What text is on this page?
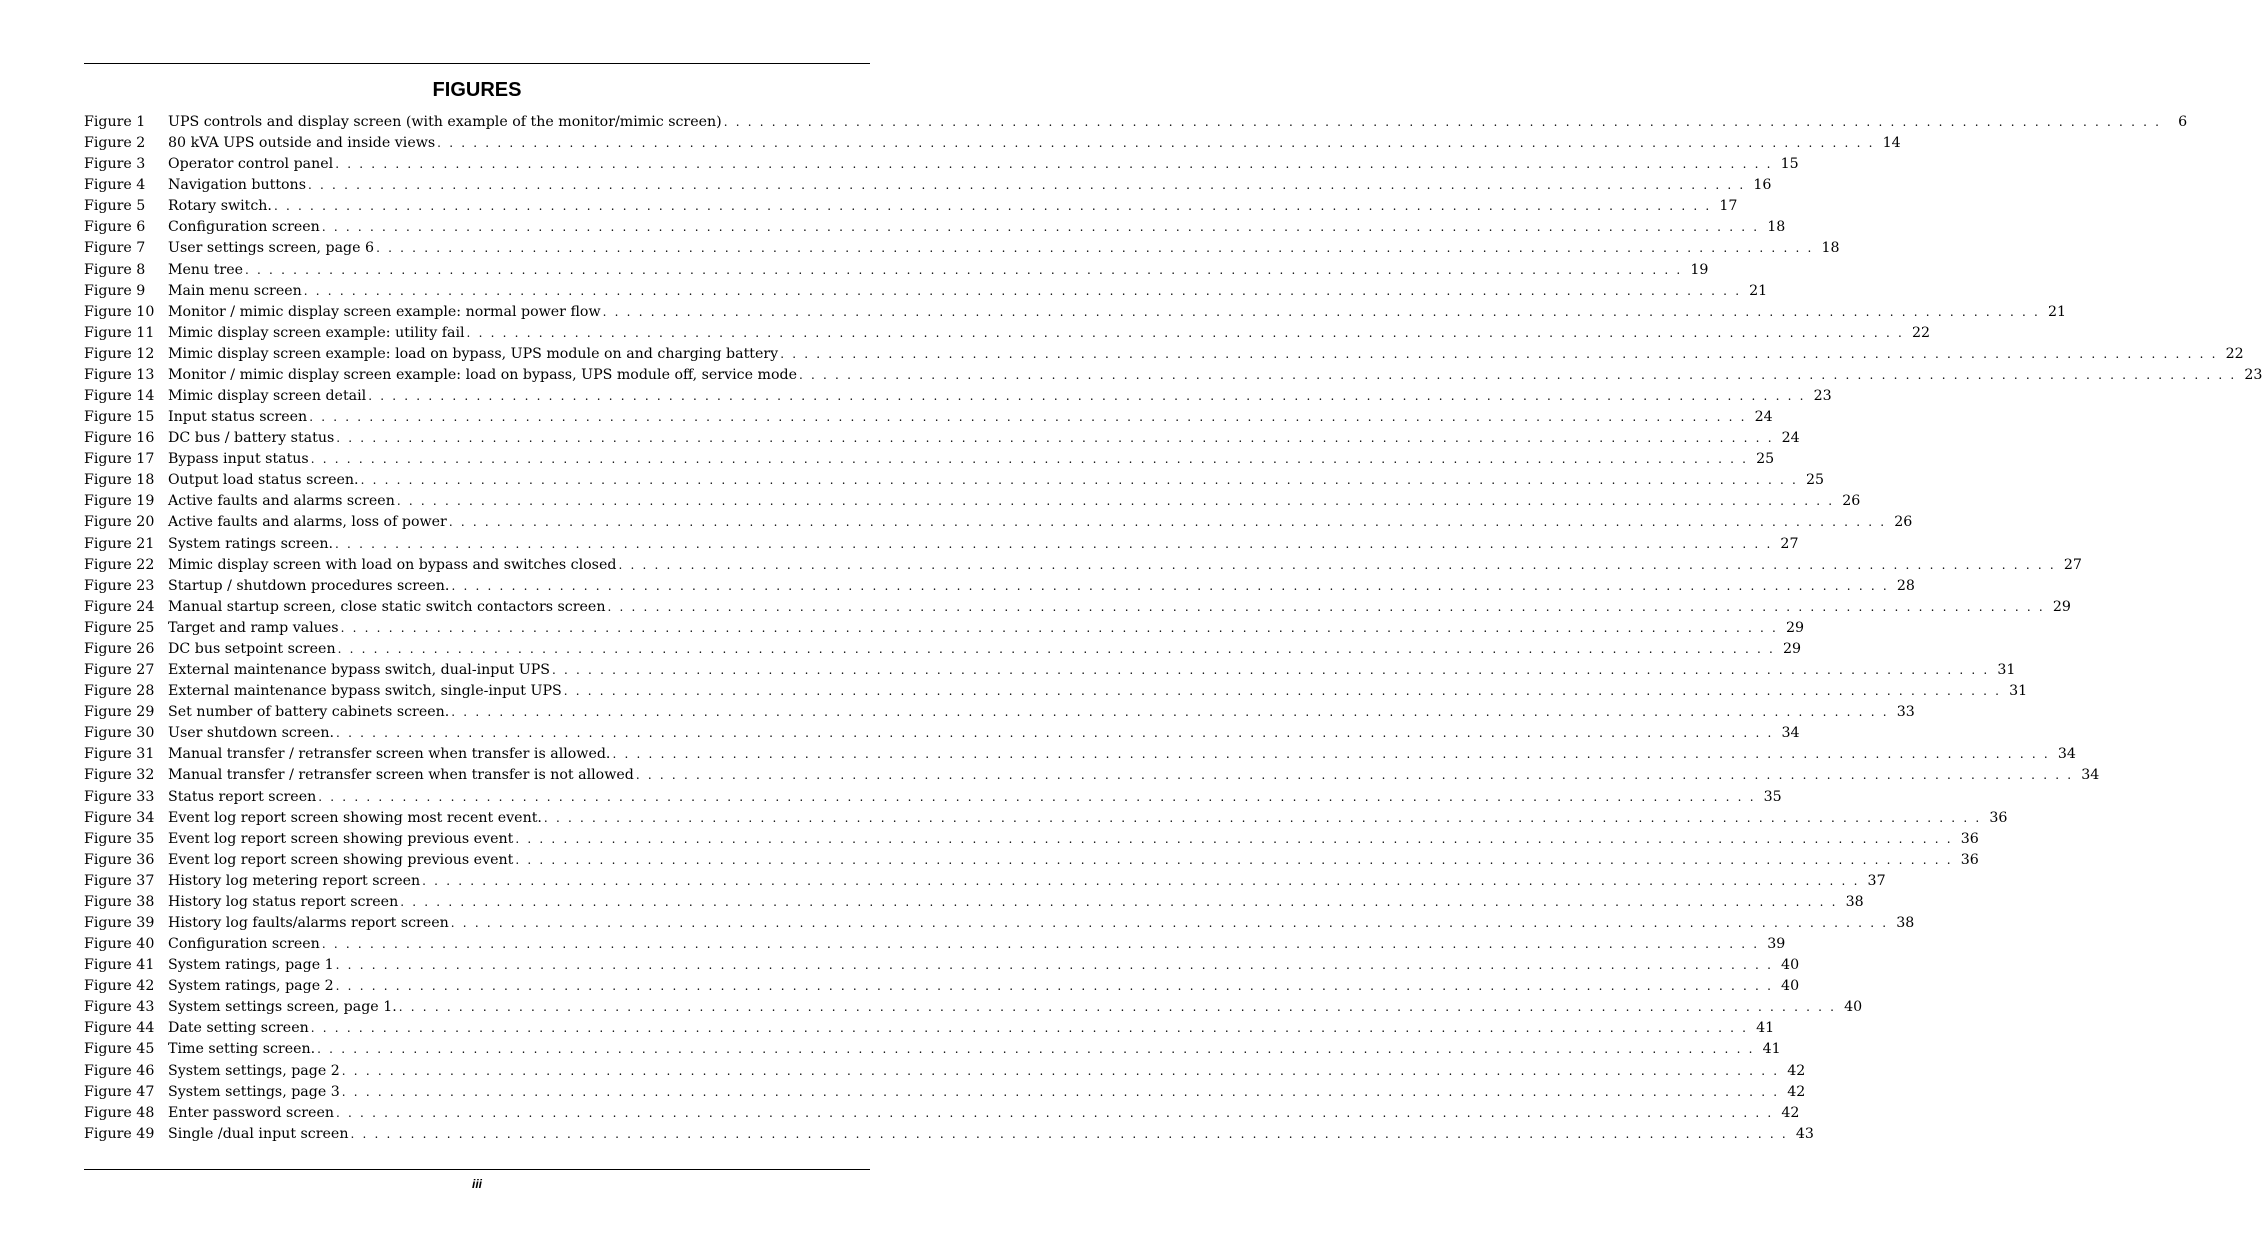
FIGURES
Figure 1	UPS controls and display screen (with example of the monitor/mimic screen) . . . . . . . . . . . . . . . . . . . . . . . . . . . . . . . . . . . . . . . . . . . . . . . . . . . . . . . . . . . . . . . . . . . . . . . . . . . . . . . . . . . . . . . . . . . . . . . . . . . . . . . . . . . . . . . . . . . . . . . .	6
Figure 2	80 kVA UPS outside and inside views . . . . . . . . . . . . . . . . . . . . . . . . . . . . . . . . . . . . . . . . . . . . . . . . . . . . . . . . . . . . . . . . . . . . . . . . . . . . . . . . . . . . . . . . . . . . . . . . . . . . . . . . . . . . . . . . . . . . . . . . 14
Figure 3	Operator control panel . . . . . . . . . . . . . . . . . . . . . . . . . . . . . . . . . . . . . . . . . . . . . . . . . . . . . . . . . . . . . . . . . . . . . . . . . . . . . . . . . . . . . . . . . . . . . . . . . . . . . . . . . . . . . . . . . . . . . . . . 15
Figure 4	Navigation buttons . . . . . . . . . . . . . . . . . . . . . . . . . . . . . . . . . . . . . . . . . . . . . . . . . . . . . . . . . . . . . . . . . . . . . . . . . . . . . . . . . . . . . . . . . . . . . . . . . . . . . . . . . . . . . . . . . . . . . . . . 16
Figure 5	Rotary switch. . . . . . . . . . . . . . . . . . . . . . . . . . . . . . . . . . . . . . . . . . . . . . . . . . . . . . . . . . . . . . . . . . . . . . . . . . . . . . . . . . . . . . . . . . . . . . . . . . . . . . . . . . . . . . . . . . . . . . . . . 17
Figure 6	Configuration screen . . . . . . . . . . . . . . . . . . . . . . . . . . . . . . . . . . . . . . . . . . . . . . . . . . . . . . . . . . . . . . . . . . . . . . . . . . . . . . . . . . . . . . . . . . . . . . . . . . . . . . . . . . . . . . . . . . . . . . . . 18
Figure 7	User settings screen, page 6 . . . . . . . . . . . . . . . . . . . . . . . . . . . . . . . . . . . . . . . . . . . . . . . . . . . . . . . . . . . . . . . . . . . . . . . . . . . . . . . . . . . . . . . . . . . . . . . . . . . . . . . . . . . . . . . . . . . . . . . . 18
Figure 8	Menu tree . . . . . . . . . . . . . . . . . . . . . . . . . . . . . . . . . . . . . . . . . . . . . . . . . . . . . . . . . . . . . . . . . . . . . . . . . . . . . . . . . . . . . . . . . . . . . . . . . . . . . . . . . . . . . . . . . . . . . . . . 19
Figure 9	Main menu screen . . . . . . . . . . . . . . . . . . . . . . . . . . . . . . . . . . . . . . . . . . . . . . . . . . . . . . . . . . . . . . . . . . . . . . . . . . . . . . . . . . . . . . . . . . . . . . . . . . . . . . . . . . . . . . . . . . . . . . . . 21
Figure 10 Monitor / mimic display screen example: normal power flow . . . . . . . . . . . . . . . . . . . . . . . . . . . . . . . . . . . . . . . . . . . . . . . . . . . . . . . . . . . . . . . . . . . . . . . . . . . . . . . . . . . . . . . . . . . . . . . . . . . . . . . . . . . . . . . . . . . . . . . . 21
Figure 11 Mimic display screen example: utility fail . . . . . . . . . . . . . . . . . . . . . . . . . . . . . . . . . . . . . . . . . . . . . . . . . . . . . . . . . . . . . . . . . . . . . . . . . . . . . . . . . . . . . . . . . . . . . . . . . . . . . . . . . . . . . . . . . . . . . . . . 22
Figure 12 Mimic display screen example: load on bypass, UPS module on and charging battery . . . . . . . . . . . . . . . . . . . . . . . . . . . . . . . . . . . . . . . . . . . . . . . . . . . . . . . . . . . . . . . . . . . . . . . . . . . . . . . . . . . . . . . . . . . . . . . . . . . . . . . . . . . . . . . . . . . . . . . . 22
Figure 13 Monitor / mimic display screen example: load on bypass, UPS module off, service mode . . . . . . . . . . . . . . . . . . . . . . . . . . . . . . . . . . . . . . . . . . . . . . . . . . . . . . . . . . . . . . . . . . . . . . . . . . . . . . . . . . . . . . . . . . . . . . . . . . . . . . . . . . . . . . . . . . . . . . . . 23
Figure 14 Mimic display screen detail . . . . . . . . . . . . . . . . . . . . . . . . . . . . . . . . . . . . . . . . . . . . . . . . . . . . . . . . . . . . . . . . . . . . . . . . . . . . . . . . . . . . . . . . . . . . . . . . . . . . . . . . . . . . . . . . . . . . . . . . 23
Figure 15 Input status screen . . . . . . . . . . . . . . . . . . . . . . . . . . . . . . . . . . . . . . . . . . . . . . . . . . . . . . . . . . . . . . . . . . . . . . . . . . . . . . . . . . . . . . . . . . . . . . . . . . . . . . . . . . . . . . . . . . . . . . . . 24
Figure 16 DC bus / battery status . . . . . . . . . . . . . . . . . . . . . . . . . . . . . . . . . . . . . . . . . . . . . . . . . . . . . . . . . . . . . . . . . . . . . . . . . . . . . . . . . . . . . . . . . . . . . . . . . . . . . . . . . . . . . . . . . . . . . . . . 24
Figure 17 Bypass input status . . . . . . . . . . . . . . . . . . . . . . . . . . . . . . . . . . . . . . . . . . . . . . . . . . . . . . . . . . . . . . . . . . . . . . . . . . . . . . . . . . . . . . . . . . . . . . . . . . . . . . . . . . . . . . . . . . . . . . . . 25
Figure 18 Output load status screen. . . . . . . . . . . . . . . . . . . . . . . . . . . . . . . . . . . . . . . . . . . . . . . . . . . . . . . . . . . . . . . . . . . . . . . . . . . . . . . . . . . . . . . . . . . . . . . . . . . . . . . . . . . . . . . . . . . . . . . . . 25
Figure 19 Active faults and alarms screen . . . . . . . . . . . . . . . . . . . . . . . . . . . . . . . . . . . . . . . . . . . . . . . . . . . . . . . . . . . . . . . . . . . . . . . . . . . . . . . . . . . . . . . . . . . . . . . . . . . . . . . . . . . . . . . . . . . . . . . . 26
Figure 20 Active faults and alarms, loss of power . . . . . . . . . . . . . . . . . . . . . . . . . . . . . . . . . . . . . . . . . . . . . . . . . . . . . . . . . . . . . . . . . . . . . . . . . . . . . . . . . . . . . . . . . . . . . . . . . . . . . . . . . . . . . . . . . . . . . . . . 26
Figure 21 System ratings screen. . . . . . . . . . . . . . . . . . . . . . . . . . . . . . . . . . . . . . . . . . . . . . . . . . . . . . . . . . . . . . . . . . . . . . . . . . . . . . . . . . . . . . . . . . . . . . . . . . . . . . . . . . . . . . . . . . . . . . . . . 27
Figure 22 Mimic display screen with load on bypass and switches closed . . . . . . . . . . . . . . . . . . . . . . . . . . . . . . . . . . . . . . . . . . . . . . . . . . . . . . . . . . . . . . . . . . . . . . . . . . . . . . . . . . . . . . . . . . . . . . . . . . . . . . . . . . . . . . . . . . . . . . . . 27
Figure 23 Startup / shutdown procedures screen. . . . . . . . . . . . . . . . . . . . . . . . . . . . . . . . . . . . . . . . . . . . . . . . . . . . . . . . . . . . . . . . . . . . . . . . . . . . . . . . . . . . . . . . . . . . . . . . . . . . . . . . . . . . . . . . . . . . . . . . . 28
Figure 24 Manual startup screen, close static switch contactors screen . . . . . . . . . . . . . . . . . . . . . . . . . . . . . . . . . . . . . . . . . . . . . . . . . . . . . . . . . . . . . . . . . . . . . . . . . . . . . . . . . . . . . . . . . . . . . . . . . . . . . . . . . . . . . . . . . . . . . . . . 29
Figure 25 Target and ramp values . . . . . . . . . . . . . . . . . . . . . . . . . . . . . . . . . . . . . . . . . . . . . . . . . . . . . . . . . . . . . . . . . . . . . . . . . . . . . . . . . . . . . . . . . . . . . . . . . . . . . . . . . . . . . . . . . . . . . . . . 29
Figure 26 DC bus setpoint screen . . . . . . . . . . . . . . . . . . . . . . . . . . . . . . . . . . . . . . . . . . . . . . . . . . . . . . . . . . . . . . . . . . . . . . . . . . . . . . . . . . . . . . . . . . . . . . . . . . . . . . . . . . . . . . . . . . . . . . . . 29
Figure 27 External maintenance bypass switch, dual-input UPS . . . . . . . . . . . . . . . . . . . . . . . . . . . . . . . . . . . . . . . . . . . . . . . . . . . . . . . . . . . . . . . . . . . . . . . . . . . . . . . . . . . . . . . . . . . . . . . . . . . . . . . . . . . . . . . . . . . . . . . . 31
Figure 28 External maintenance bypass switch, single-input UPS . . . . . . . . . . . . . . . . . . . . . . . . . . . . . . . . . . . . . . . . . . . . . . . . . . . . . . . . . . . . . . . . . . . . . . . . . . . . . . . . . . . . . . . . . . . . . . . . . . . . . . . . . . . . . . . . . . . . . . . . 31
Figure 29 Set number of battery cabinets screen. . . . . . . . . . . . . . . . . . . . . . . . . . . . . . . . . . . . . . . . . . . . . . . . . . . . . . . . . . . . . . . . . . . . . . . . . . . . . . . . . . . . . . . . . . . . . . . . . . . . . . . . . . . . . . . . . . . . . . . . . 33
Figure 30 User shutdown screen. . . . . . . . . . . . . . . . . . . . . . . . . . . . . . . . . . . . . . . . . . . . . . . . . . . . . . . . . . . . . . . . . . . . . . . . . . . . . . . . . . . . . . . . . . . . . . . . . . . . . . . . . . . . . . . . . . . . . . . . . 34
Figure 31 Manual transfer / retransfer screen when transfer is allowed. . . . . . . . . . . . . . . . . . . . . . . . . . . . . . . . . . . . . . . . . . . . . . . . . . . . . . . . . . . . . . . . . . . . . . . . . . . . . . . . . . . . . . . . . . . . . . . . . . . . . . . . . . . . . . . . . . . . . . . . . 34
Figure 32 Manual transfer / retransfer screen when transfer is not allowed . . . . . . . . . . . . . . . . . . . . . . . . . . . . . . . . . . . . . . . . . . . . . . . . . . . . . . . . . . . . . . . . . . . . . . . . . . . . . . . . . . . . . . . . . . . . . . . . . . . . . . . . . . . . . . . . . . . . . . . . 34
Figure 33 Status report screen . . . . . . . . . . . . . . . . . . . . . . . . . . . . . . . . . . . . . . . . . . . . . . . . . . . . . . . . . . . . . . . . . . . . . . . . . . . . . . . . . . . . . . . . . . . . . . . . . . . . . . . . . . . . . . . . . . . . . . . . 35
Figure 34 Event log report screen showing most recent event. . . . . . . . . . . . . . . . . . . . . . . . . . . . . . . . . . . . . . . . . . . . . . . . . . . . . . . . . . . . . . . . . . . . . . . . . . . . . . . . . . . . . . . . . . . . . . . . . . . . . . . . . . . . . . . . . . . . . . . . . 36
Figure 35 Event log report screen showing previous event . . . . . . . . . . . . . . . . . . . . . . . . . . . . . . . . . . . . . . . . . . . . . . . . . . . . . . . . . . . . . . . . . . . . . . . . . . . . . . . . . . . . . . . . . . . . . . . . . . . . . . . . . . . . . . . . . . . . . . . . 36
Figure 36 Event log report screen showing previous event . . . . . . . . . . . . . . . . . . . . . . . . . . . . . . . . . . . . . . . . . . . . . . . . . . . . . . . . . . . . . . . . . . . . . . . . . . . . . . . . . . . . . . . . . . . . . . . . . . . . . . . . . . . . . . . . . . . . . . . . 36
Figure 37 History log metering report screen . . . . . . . . . . . . . . . . . . . . . . . . . . . . . . . . . . . . . . . . . . . . . . . . . . . . . . . . . . . . . . . . . . . . . . . . . . . . . . . . . . . . . . . . . . . . . . . . . . . . . . . . . . . . . . . . . . . . . . . . 37
Figure 38 History log status report screen . . . . . . . . . . . . . . . . . . . . . . . . . . . . . . . . . . . . . . . . . . . . . . . . . . . . . . . . . . . . . . . . . . . . . . . . . . . . . . . . . . . . . . . . . . . . . . . . . . . . . . . . . . . . . . . . . . . . . . . . 38
Figure 39 History log faults/alarms report screen . . . . . . . . . . . . . . . . . . . . . . . . . . . . . . . . . . . . . . . . . . . . . . . . . . . . . . . . . . . . . . . . . . . . . . . . . . . . . . . . . . . . . . . . . . . . . . . . . . . . . . . . . . . . . . . . . . . . . . . . 38
Figure 40 Configuration screen . . . . . . . . . . . . . . . . . . . . . . . . . . . . . . . . . . . . . . . . . . . . . . . . . . . . . . . . . . . . . . . . . . . . . . . . . . . . . . . . . . . . . . . . . . . . . . . . . . . . . . . . . . . . . . . . . . . . . . . . 39
Figure 41 System ratings, page 1 . . . . . . . . . . . . . . . . . . . . . . . . . . . . . . . . . . . . . . . . . . . . . . . . . . . . . . . . . . . . . . . . . . . . . . . . . . . . . . . . . . . . . . . . . . . . . . . . . . . . . . . . . . . . . . . . . . . . . . . . 40
Figure 42 System ratings, page 2 . . . . . . . . . . . . . . . . . . . . . . . . . . . . . . . . . . . . . . . . . . . . . . . . . . . . . . . . . . . . . . . . . . . . . . . . . . . . . . . . . . . . . . . . . . . . . . . . . . . . . . . . . . . . . . . . . . . . . . . . 40
Figure 43 System settings screen, page 1. . . . . . . . . . . . . . . . . . . . . . . . . . . . . . . . . . . . . . . . . . . . . . . . . . . . . . . . . . . . . . . . . . . . . . . . . . . . . . . . . . . . . . . . . . . . . . . . . . . . . . . . . . . . . . . . . . . . . . . . . 40
Figure 44 Date setting screen . . . . . . . . . . . . . . . . . . . . . . . . . . . . . . . . . . . . . . . . . . . . . . . . . . . . . . . . . . . . . . . . . . . . . . . . . . . . . . . . . . . . . . . . . . . . . . . . . . . . . . . . . . . . . . . . . . . . . . . . 41
Figure 45 Time setting screen. . . . . . . . . . . . . . . . . . . . . . . . . . . . . . . . . . . . . . . . . . . . . . . . . . . . . . . . . . . . . . . . . . . . . . . . . . . . . . . . . . . . . . . . . . . . . . . . . . . . . . . . . . . . . . . . . . . . . . . . . 41
Figure 46 System settings, page 2 . . . . . . . . . . . . . . . . . . . . . . . . . . . . . . . . . . . . . . . . . . . . . . . . . . . . . . . . . . . . . . . . . . . . . . . . . . . . . . . . . . . . . . . . . . . . . . . . . . . . . . . . . . . . . . . . . . . . . . . . 42
Figure 47 System settings, page 3 . . . . . . . . . . . . . . . . . . . . . . . . . . . . . . . . . . . . . . . . . . . . . . . . . . . . . . . . . . . . . . . . . . . . . . . . . . . . . . . . . . . . . . . . . . . . . . . . . . . . . . . . . . . . . . . . . . . . . . . . 42
Figure 48 Enter password screen . . . . . . . . . . . . . . . . . . . . . . . . . . . . . . . . . . . . . . . . . . . . . . . . . . . . . . . . . . . . . . . . . . . . . . . . . . . . . . . . . . . . . . . . . . . . . . . . . . . . . . . . . . . . . . . . . . . . . . . . 42
Figure 49 Single /dual input screen . . . . . . . . . . . . . . . . . . . . . . . . . . . . . . . . . . . . . . . . . . . . . . . . . . . . . . . . . . . . . . . . . . . . . . . . . . . . . . . . . . . . . . . . . . . . . . . . . . . . . . . . . . . . . . . . . . . . . . . . 43
iii
